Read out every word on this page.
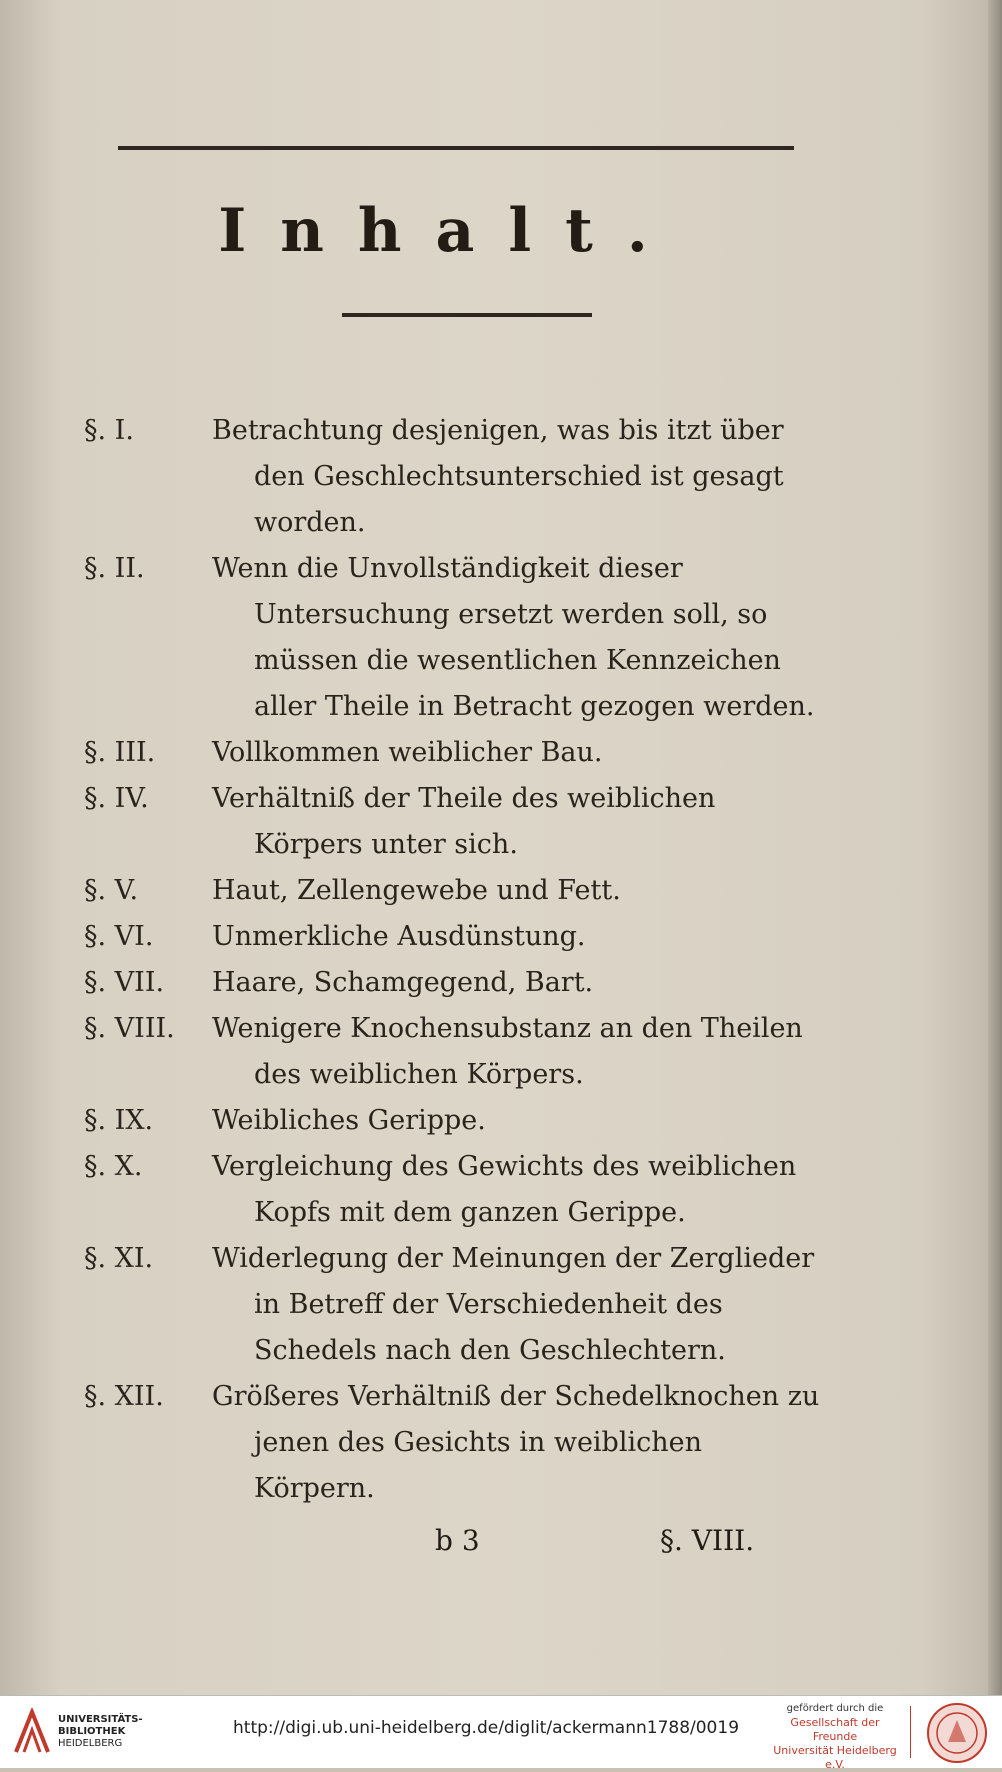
Inhalt.
§. I.	Betrachtung desjenigen, was bis itzt über den Geschlechtsunterschied ist gesagt worden.
§. II.	Wenn die Unvollständigkeit dieser Untersuchung ersetzt werden soll, so müssen die wesentlichen Kennzeichen aller Theile in Betracht gezogen werden.
§. III.	Vollkommen weiblicher Bau.
§. IV.	Verhältniß der Theile des weiblichen Körpers unter sich.
§. V.	Haut, Zellengewebe und Fett.
§. VI.	Unmerkliche Ausdünstung.
§. VII.	Haare, Schamgegend, Bart.
§. VIII.	Wenigere Knochensubstanz an den Theilen des weiblichen Körpers.
§. IX.	Weibliches Gerippe.
§. X.	Vergleichung des Gewichts des weiblichen Kopfs mit dem ganzen Gerippe.
§. XI.	Widerlegung der Meinungen der Zerglieder in Betreff der Verschiedenheit des Schedels nach den Geschlechtern.
§. XII.	Größeres Verhältniß der Schedelknochen zu jenen des Gesichts in weiblichen Körpern.
b 3	§. VIII.
UNIVERSITÄTS-
BIBLIOTHEK
HEIDELBERG
http://digi.ub.uni-heidelberg.de/diglit/ackermann1788/0019
gefördert durch die
Gesellschaft der Freunde
Universität Heidelberg e.V.
